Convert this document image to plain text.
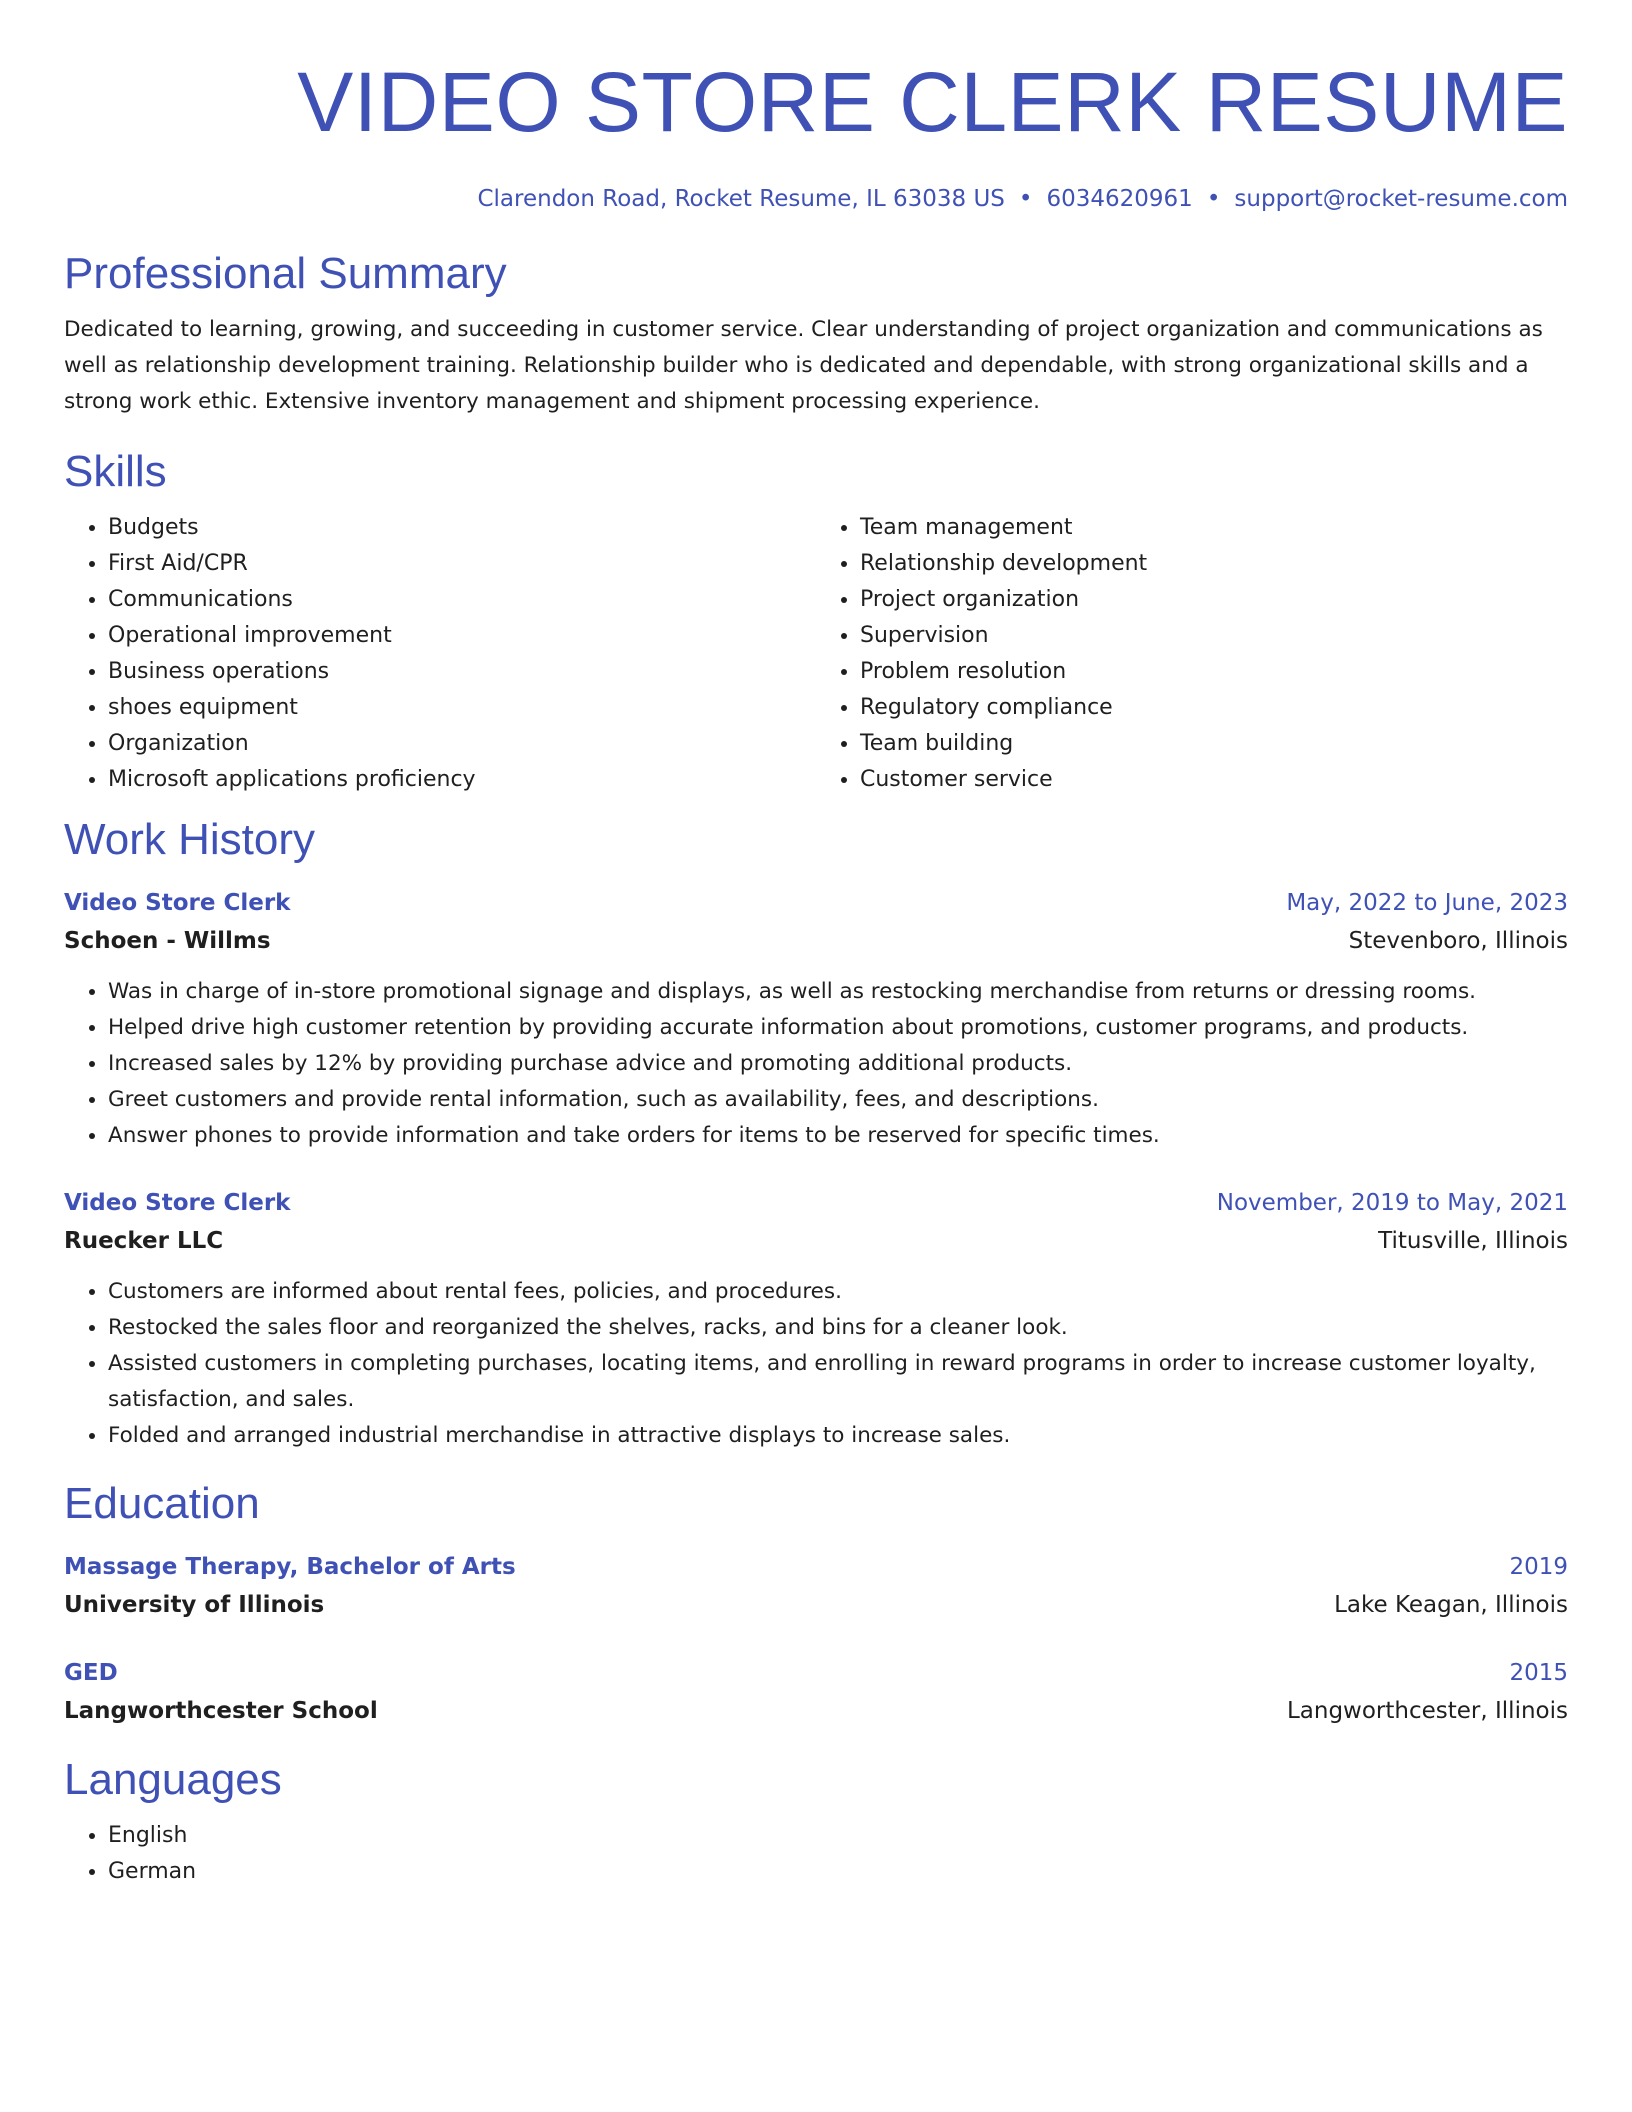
VIDEO STORE CLERK RESUME
Clarendon Road, Rocket Resume, IL 63038 US • 6034620961 • support@rocket-resume.com
Professional Summary
Dedicated to learning, growing, and succeeding in customer service. Clear understanding of project organization and communications as well as relationship development training. Relationship builder who is dedicated and dependable, with strong organizational skills and a strong work ethic. Extensive inventory management and shipment processing experience.
Skills
• Budgets
• First Aid/CPR
• Communications
• Operational improvement
• Business operations
• shoes equipment
• Organization
• Microsoft applications proficiency
• Team management
• Relationship development
• Project organization
• Supervision
• Problem resolution
• Regulatory compliance
• Team building
• Customer service
Work History
Video Store Clerk	May, 2022 to June, 2023
Schoen - Willms	Stevenboro, Illinois
• Was in charge of in-store promotional signage and displays, as well as restocking merchandise from returns or dressing rooms.
• Helped drive high customer retention by providing accurate information about promotions, customer programs, and products.
• Increased sales by 12% by providing purchase advice and promoting additional products.
• Greet customers and provide rental information, such as availability, fees, and descriptions.
• Answer phones to provide information and take orders for items to be reserved for specific times.
Video Store Clerk	November, 2019 to May, 2021
Ruecker LLC	Titusville, Illinois
• Customers are informed about rental fees, policies, and procedures.
• Restocked the sales floor and reorganized the shelves, racks, and bins for a cleaner look.
• Assisted customers in completing purchases, locating items, and enrolling in reward programs in order to increase customer loyalty, satisfaction, and sales.
• Folded and arranged industrial merchandise in attractive displays to increase sales.
Education
Massage Therapy, Bachelor of Arts	2019
University of Illinois	Lake Keagan, Illinois
GED	2015
Langworthcester School	Langworthcester, Illinois
Languages
• English
• German
